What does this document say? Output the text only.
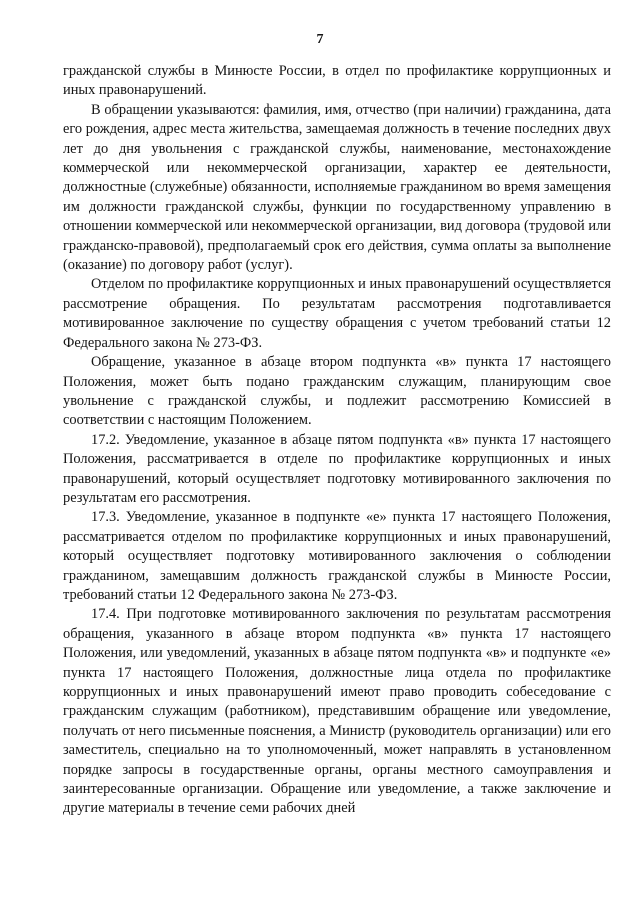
7

гражданской службы в Минюсте России, в отдел по профилактике коррупционных и иных правонарушений.

В обращении указываются: фамилия, имя, отчество (при наличии) гражданина, дата его рождения, адрес места жительства, замещаемая должность в течение последних двух лет до дня увольнения с гражданской службы, наименование, местонахождение коммерческой или некоммерческой организации, характер ее деятельности, должностные (служебные) обязанности, исполняемые гражданином во время замещения им должности гражданской службы, функции по государственному управлению в отношении коммерческой или некоммерческой организации, вид договора (трудовой или гражданско-правовой), предполагаемый срок его действия, сумма оплаты за выполнение (оказание) по договору работ (услуг).

Отделом по профилактике коррупционных и иных правонарушений осуществляется рассмотрение обращения. По результатам рассмотрения подготавливается мотивированное заключение по существу обращения с учетом требований статьи 12 Федерального закона № 273-ФЗ.

Обращение, указанное в абзаце втором подпункта «в» пункта 17 настоящего Положения, может быть подано гражданским служащим, планирующим свое увольнение с гражданской службы, и подлежит рассмотрению Комиссией в соответствии с настоящим Положением.

17.2. Уведомление, указанное в абзаце пятом подпункта «в» пункта 17 настоящего Положения, рассматривается в отделе по профилактике коррупционных и иных правонарушений, который осуществляет подготовку мотивированного заключения по результатам его рассмотрения.

17.3. Уведомление, указанное в подпункте «е» пункта 17 настоящего Положения, рассматривается отделом по профилактике коррупционных и иных правонарушений, который осуществляет подготовку мотивированного заключения о соблюдении гражданином, замещавшим должность гражданской службы в Минюсте России, требований статьи 12 Федерального закона № 273-ФЗ.

17.4. При подготовке мотивированного заключения по результатам рассмотрения обращения, указанного в абзаце втором подпункта «в» пункта 17 настоящего Положения, или уведомлений, указанных в абзаце пятом подпункта «в» и подпункте «е» пункта 17 настоящего Положения, должностные лица отдела по профилактике коррупционных и иных правонарушений имеют право проводить собеседование с гражданским служащим (работником), представившим обращение или уведомление, получать от него письменные пояснения, а Министр (руководитель организации) или его заместитель, специально на то уполномоченный, может направлять в установленном порядке запросы в государственные органы, органы местного самоуправления и заинтересованные организации. Обращение или уведомление, а также заключение и другие материалы в течение семи рабочих дней
